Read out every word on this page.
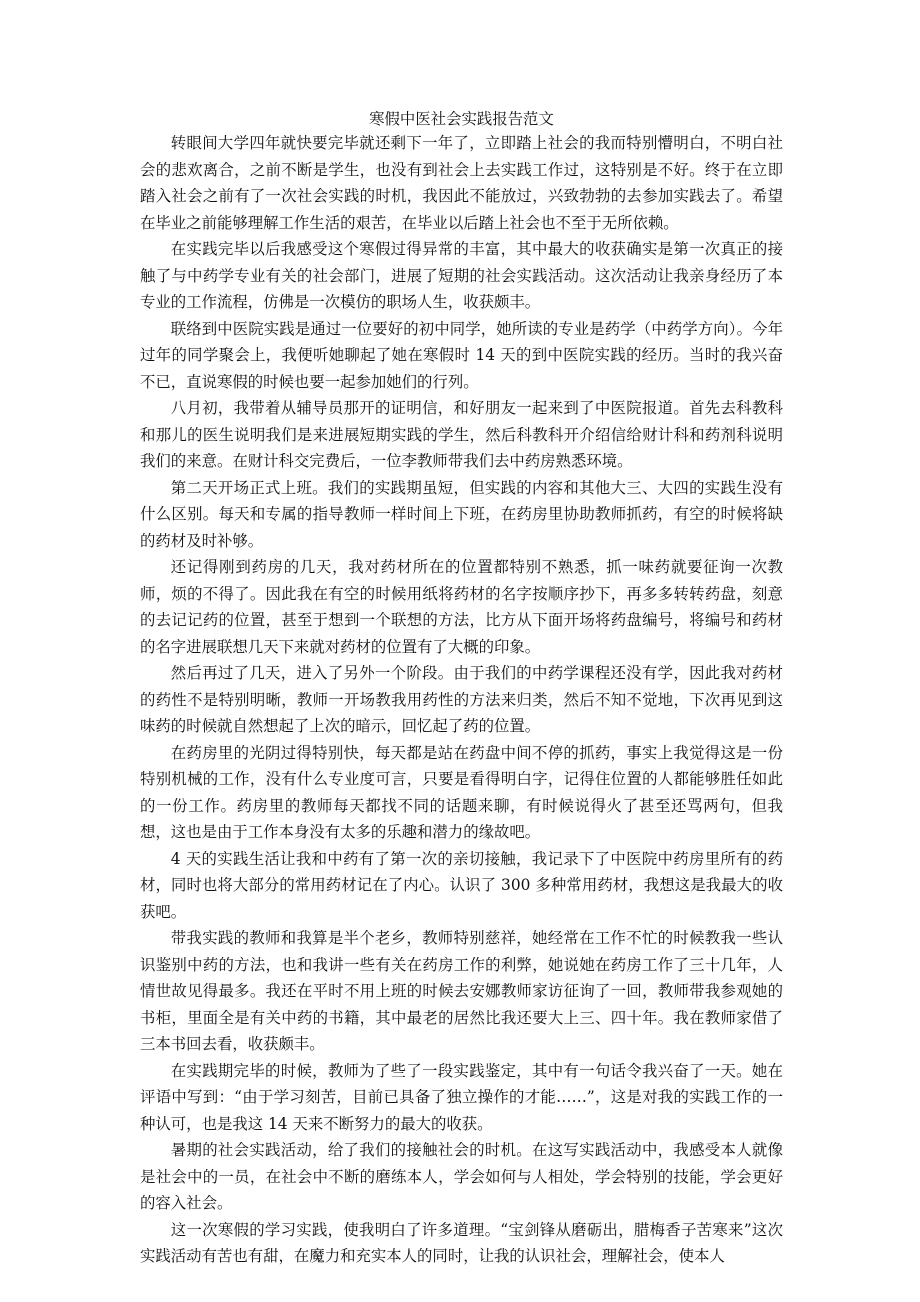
寒假中医社会实践报告范文

转眼间大学四年就快要完毕就还剩下一年了，立即踏上社会的我而特别懵明白，不明白社会的悲欢离合，之前不断是学生，也没有到社会上去实践工作过，这特别是不好。终于在立即踏入社会之前有了一次社会实践的时机，我因此不能放过，兴致勃勃的去参加实践去了。希望在毕业之前能够理解工作生活的艰苦，在毕业以后踏上社会也不至于无所依赖。

在实践完毕以后我感受这个寒假过得异常的丰富，其中最大的收获确实是第一次真正的接触了与中药学专业有关的社会部门，进展了短期的社会实践活动。这次活动让我亲身经历了本专业的工作流程，仿佛是一次模仿的职场人生，收获颇丰。

联络到中医院实践是通过一位要好的初中同学，她所读的专业是药学（中药学方向）。今年过年的同学聚会上，我便听她聊起了她在寒假时 14 天的到中医院实践的经历。当时的我兴奋不已，直说寒假的时候也要一起参加她们的行列。

八月初，我带着从辅导员那开的证明信，和好朋友一起来到了中医院报道。首先去科教科和那儿的医生说明我们是来进展短期实践的学生，然后科教科开介绍信给财计科和药剂科说明我们的来意。在财计科交完费后，一位李教师带我们去中药房熟悉环境。

第二天开场正式上班。我们的实践期虽短，但实践的内容和其他大三、大四的实践生没有什么区别。每天和专属的指导教师一样时间上下班，在药房里协助教师抓药，有空的时候将缺的药材及时补够。

还记得刚到药房的几天，我对药材所在的位置都特别不熟悉，抓一味药就要征询一次教师，烦的不得了。因此我在有空的时候用纸将药材的名字按顺序抄下，再多多转转药盘，刻意的去记记药的位置，甚至于想到一个联想的方法，比方从下面开场将药盘编号，将编号和药材的名字进展联想几天下来就对药材的位置有了大概的印象。

然后再过了几天，进入了另外一个阶段。由于我们的中药学课程还没有学，因此我对药材的药性不是特别明晰，教师一开场教我用药性的方法来归类，然后不知不觉地，下次再见到这味药的时候就自然想起了上次的暗示，回忆起了药的位置。

在药房里的光阴过得特别快，每天都是站在药盘中间不停的抓药，事实上我觉得这是一份特别机械的工作，没有什么专业度可言，只要是看得明白字，记得住位置的人都能够胜任如此的一份工作。药房里的教师每天都找不同的话题来聊，有时候说得火了甚至还骂两句，但我想，这也是由于工作本身没有太多的乐趣和潜力的缘故吧。

4 天的实践生活让我和中药有了第一次的亲切接触，我记录下了中医院中药房里所有的药材，同时也将大部分的常用药材记在了内心。认识了 300 多种常用药材，我想这是我最大的收获吧。

带我实践的教师和我算是半个老乡，教师特别慈祥，她经常在工作不忙的时候教我一些认识鉴别中药的方法，也和我讲一些有关在药房工作的利弊，她说她在药房工作了三十几年，人情世故见得最多。我还在平时不用上班的时候去安娜教师家访征询了一回，教师带我参观她的书柜，里面全是有关中药的书籍，其中最老的居然比我还要大上三、四十年。我在教师家借了三本书回去看，收获颇丰。

在实践期完毕的时候，教师为了些了一段实践鉴定，其中有一句话令我兴奋了一天。她在评语中写到：“由于学习刻苦，目前已具备了独立操作的才能……”，这是对我的实践工作的一种认可，也是我这 14 天来不断努力的最大的收获。

暑期的社会实践活动，给了我们的接触社会的时机。在这写实践活动中，我感受本人就像是社会中的一员，在社会中不断的磨练本人，学会如何与人相处，学会特别的技能，学会更好的容入社会。

这一次寒假的学习实践，使我明白了许多道理。“宝剑锋从磨砺出，腊梅香子苦寒来”这次实践活动有苦也有甜，在魔力和充实本人的同时，让我的认识社会，理解社会，使本人
